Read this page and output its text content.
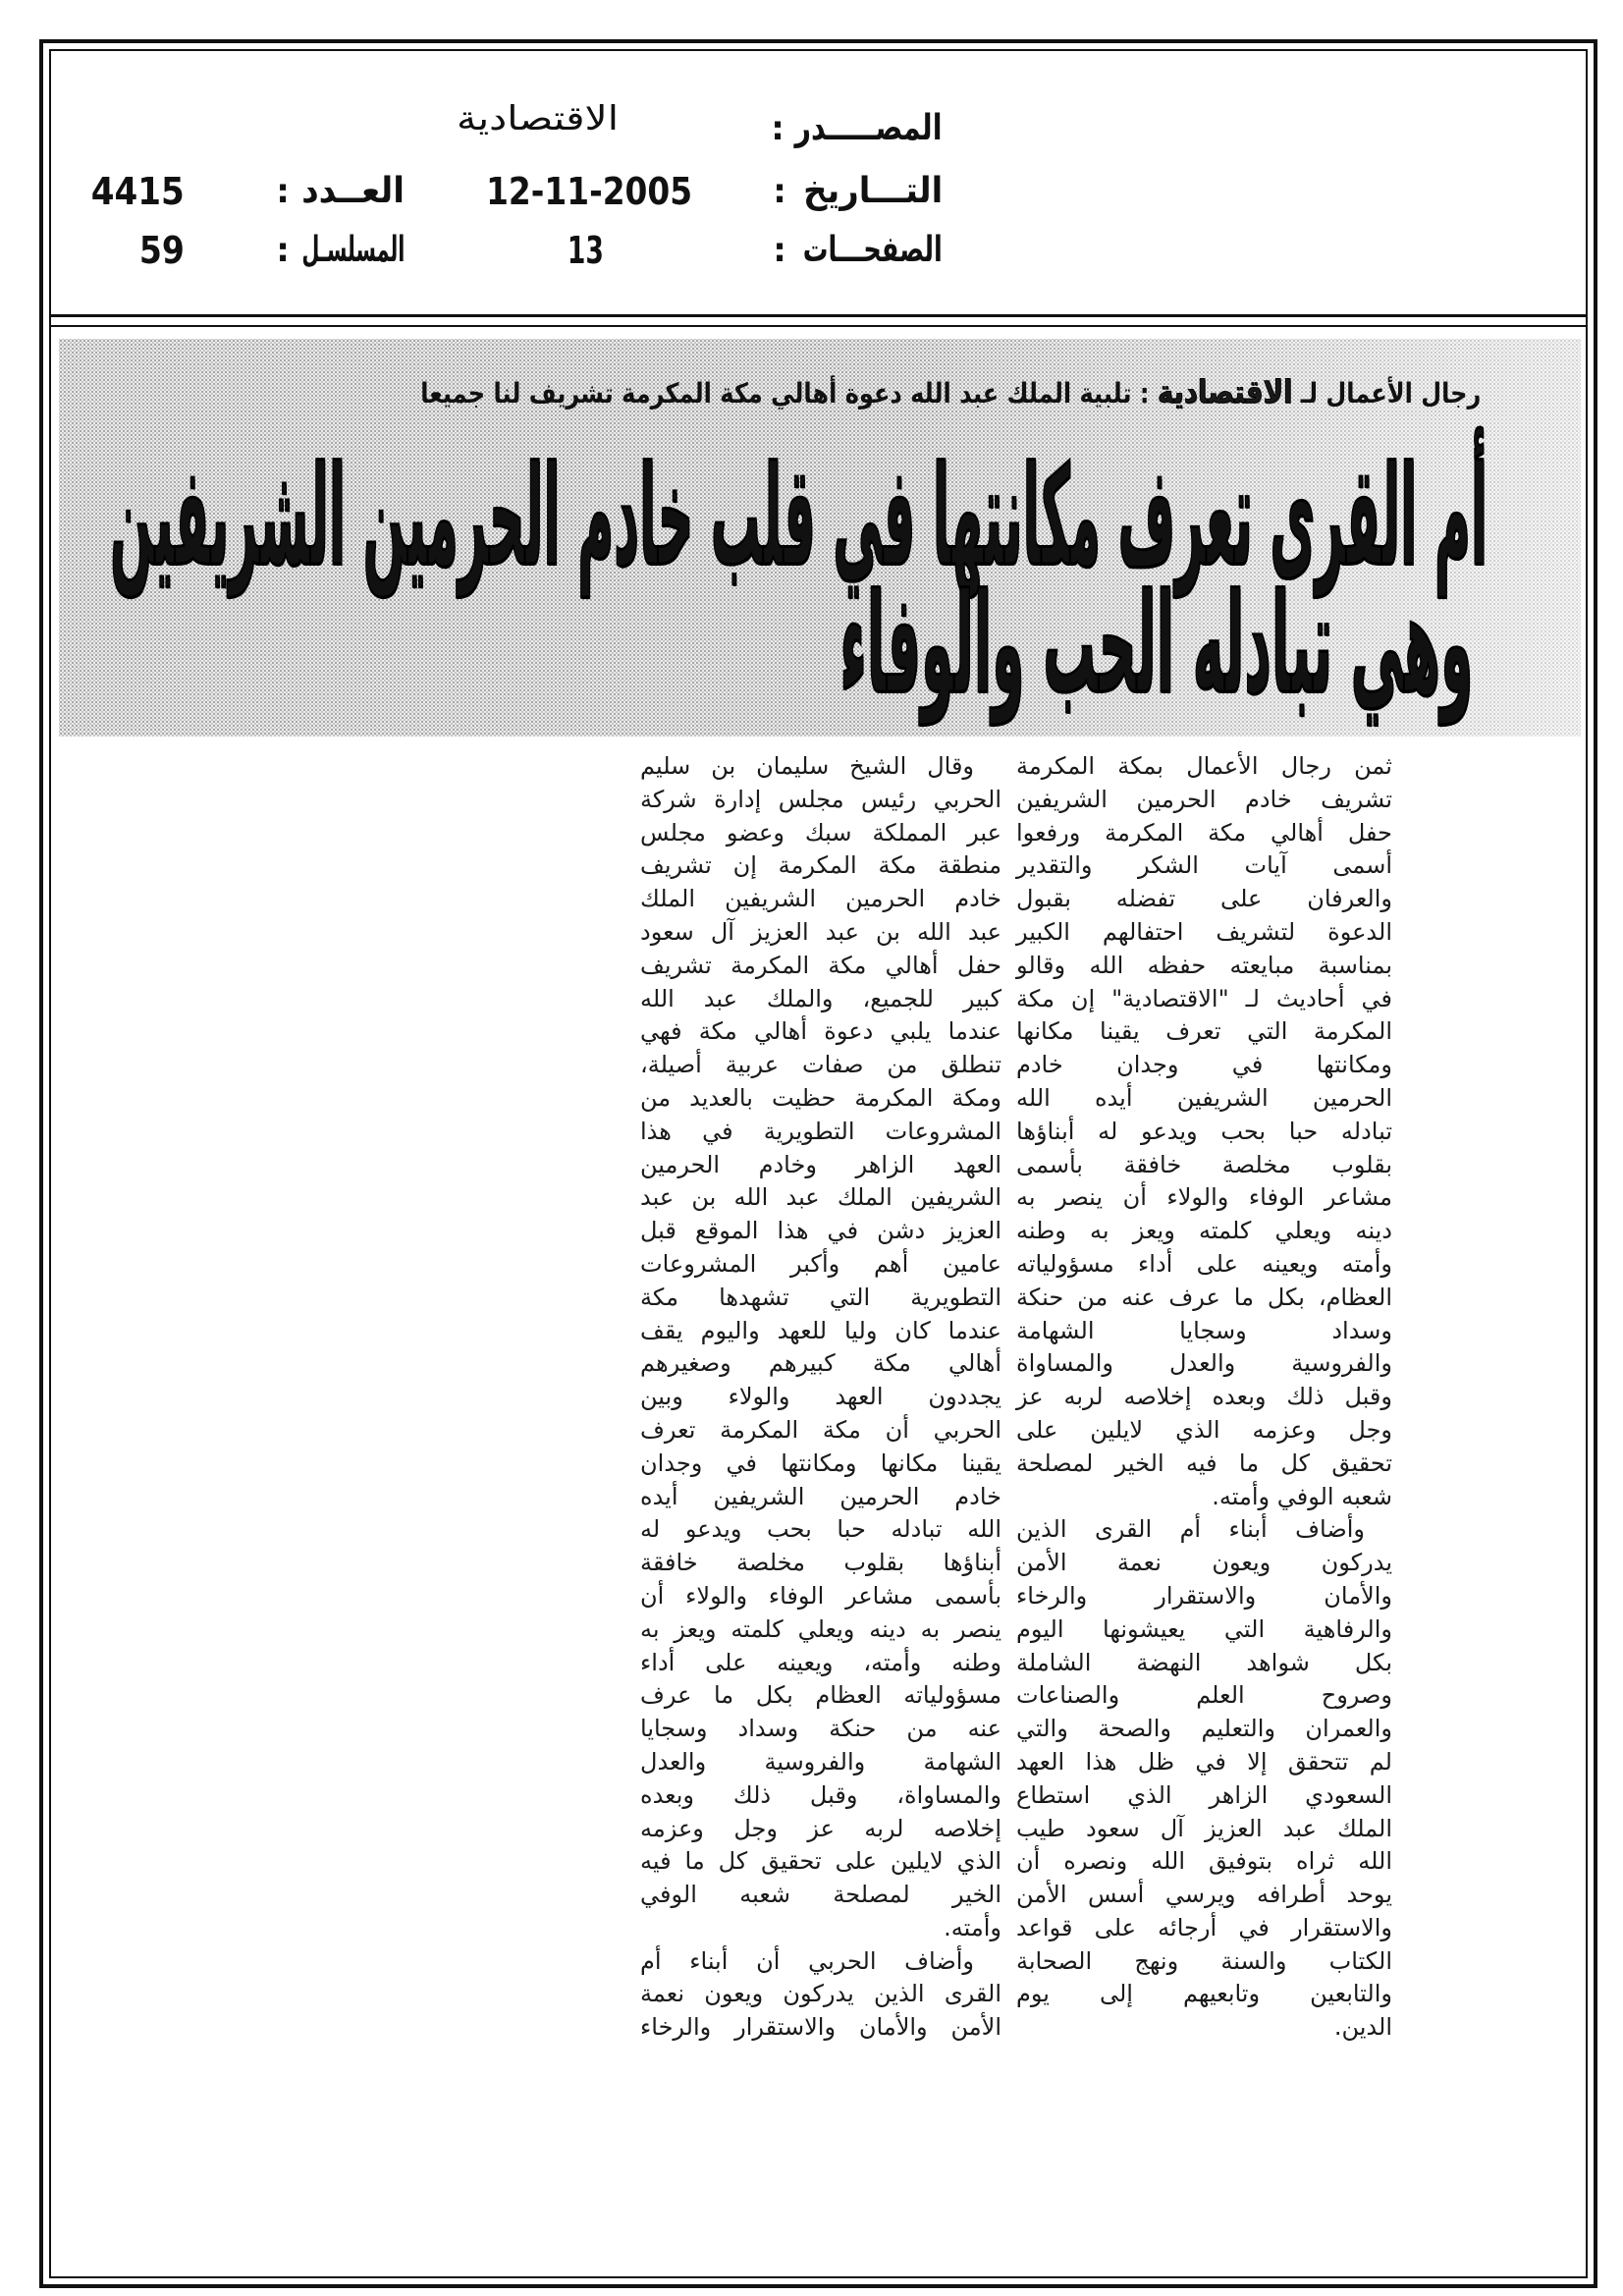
المصـــــدر
:
الاقتصادية
التـــاريخ
:
12-11-2005
العــدد
:
4415
الصفحـــات
:
13
المسلسـل
:
59
رجال الأعمال لـ الاقتصادية : تلبية الملك عبد الله دعوة أهالي مكة المكرمة تشريف لنا جميعا
أم القرى تعرف مكانتها في قلب خادم الحرمين الشريفين
وهي تبادله الحب والوفاء
ثمن رجال الأعمال بمكة المكرمة
تشريف خادم الحرمين الشريفين
حفل أهالي مكة المكرمة ورفعوا
أسمى آيات الشكر والتقدير
والعرفان على تفضله بقبول
الدعوة لتشريف احتفالهم الكبير
بمناسبة مبايعته حفظه الله وقالو
في أحاديث لـ "الاقتصادية" إن مكة
المكرمة التي تعرف يقينا مكانها
ومكانتها في وجدان خادم
الحرمين الشريفين أيده الله
تبادله حبا بحب ويدعو له أبناؤها
بقلوب مخلصة خافقة بأسمى
مشاعر الوفاء والولاء أن ينصر به
دينه ويعلي كلمته ويعز به وطنه
وأمته ويعينه على أداء مسؤولياته
العظام، بكل ما عرف عنه من حنكة
وسداد وسجايا الشهامة
والفروسية والعدل والمساواة
وقبل ذلك وبعده إخلاصه لربه عز
وجل وعزمه الذي لايلين على
تحقيق كل ما فيه الخير لمصلحة
شعبه الوفي وأمته.
وأضاف أبناء أم القرى الذين
يدركون ويعون نعمة الأمن
والأمان والاستقرار والرخاء
والرفاهية التي يعيشونها اليوم
بكل شواهد النهضة الشاملة
وصروح العلم والصناعات
والعمران والتعليم والصحة والتي
لم تتحقق إلا في ظل هذا العهد
السعودي الزاهر الذي استطاع
الملك عبد العزيز آل سعود طيب
الله ثراه بتوفيق الله ونصره أن
يوحد أطرافه ويرسي أسس الأمن
والاستقرار في أرجائه على قواعد
الكتاب والسنة ونهج الصحابة
والتابعين وتابعيهم إلى يوم
الدين.
وقال الشيخ سليمان بن سليم
الحربي رئيس مجلس إدارة شركة
عبر المملكة سبك وعضو مجلس
منطقة مكة المكرمة إن تشريف
خادم الحرمين الشريفين الملك
عبد الله بن عبد العزيز آل سعود
حفل أهالي مكة المكرمة تشريف
كبير للجميع، والملك عبد الله
عندما يلبي دعوة أهالي مكة فهي
تنطلق من صفات عربية أصيلة،
ومكة المكرمة حظيت بالعديد من
المشروعات التطويرية في هذا
العهد الزاهر وخادم الحرمين
الشريفين الملك عبد الله بن عبد
العزيز دشن في هذا الموقع قبل
عامين أهم وأكبر المشروعات
التطويرية التي تشهدها مكة
عندما كان وليا للعهد واليوم يقف
أهالي مكة كبيرهم وصغيرهم
يجددون العهد والولاء وبين
الحربي أن مكة المكرمة تعرف
يقينا مكانها ومكانتها في وجدان
خادم الحرمين الشريفين أيده
الله تبادله حبا بحب ويدعو له
أبناؤها بقلوب مخلصة خافقة
بأسمى مشاعر الوفاء والولاء أن
ينصر به دينه ويعلي كلمته ويعز به
وطنه وأمته، ويعينه على أداء
مسؤولياته العظام بكل ما عرف
عنه من حنكة وسداد وسجايا
الشهامة والفروسية والعدل
والمساواة، وقبل ذلك وبعده
إخلاصه لربه عز وجل وعزمه
الذي لايلين على تحقيق كل ما فيه
الخير لمصلحة شعبه الوفي
وأمته.
وأضاف الحربي أن أبناء أم
القرى الذين يدركون ويعون نعمة
الأمن والأمان والاستقرار والرخاء
